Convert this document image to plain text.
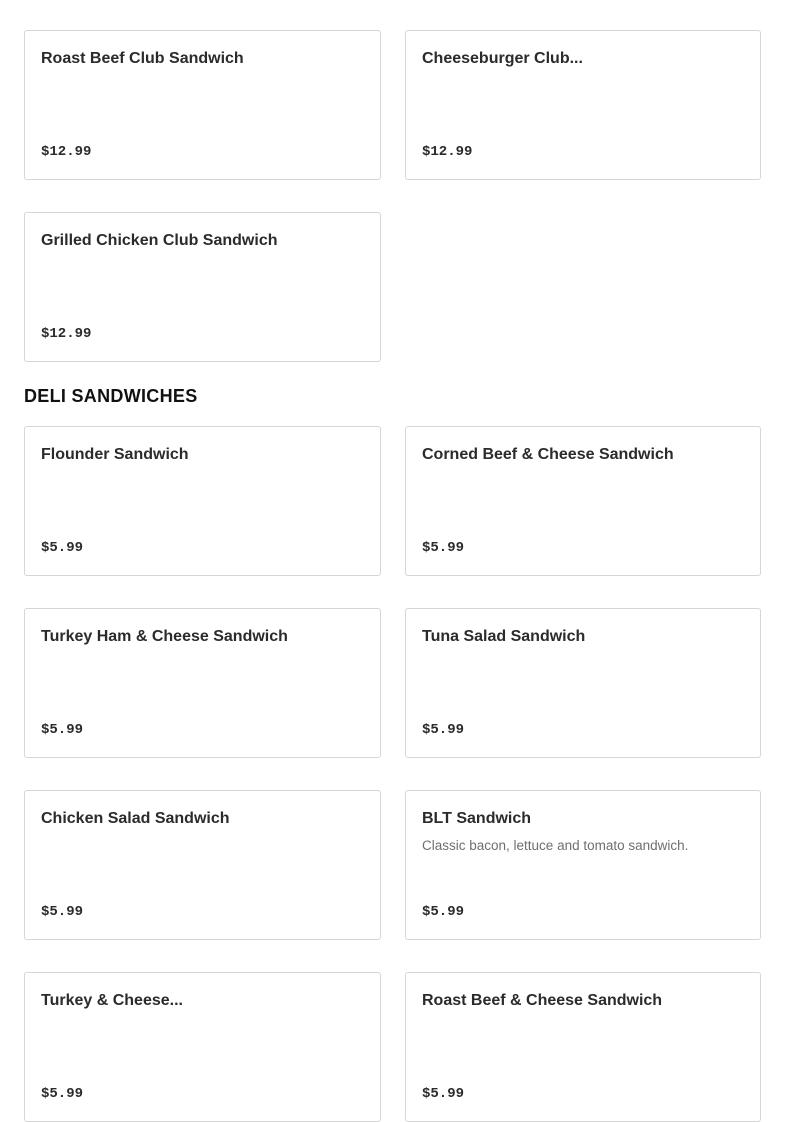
Roast Beef Club Sandwich
$12.99
Cheeseburger Club...
$12.99
Grilled Chicken Club Sandwich
$12.99
DELI SANDWICHES
Flounder Sandwich
$5.99
Corned Beef & Cheese Sandwich
$5.99
Turkey Ham & Cheese Sandwich
$5.99
Tuna Salad Sandwich
$5.99
Chicken Salad Sandwich
$5.99
BLT Sandwich
Classic bacon, lettuce and tomato sandwich.
$5.99
Turkey & Cheese...
$5.99
Roast Beef & Cheese Sandwich
$5.99
